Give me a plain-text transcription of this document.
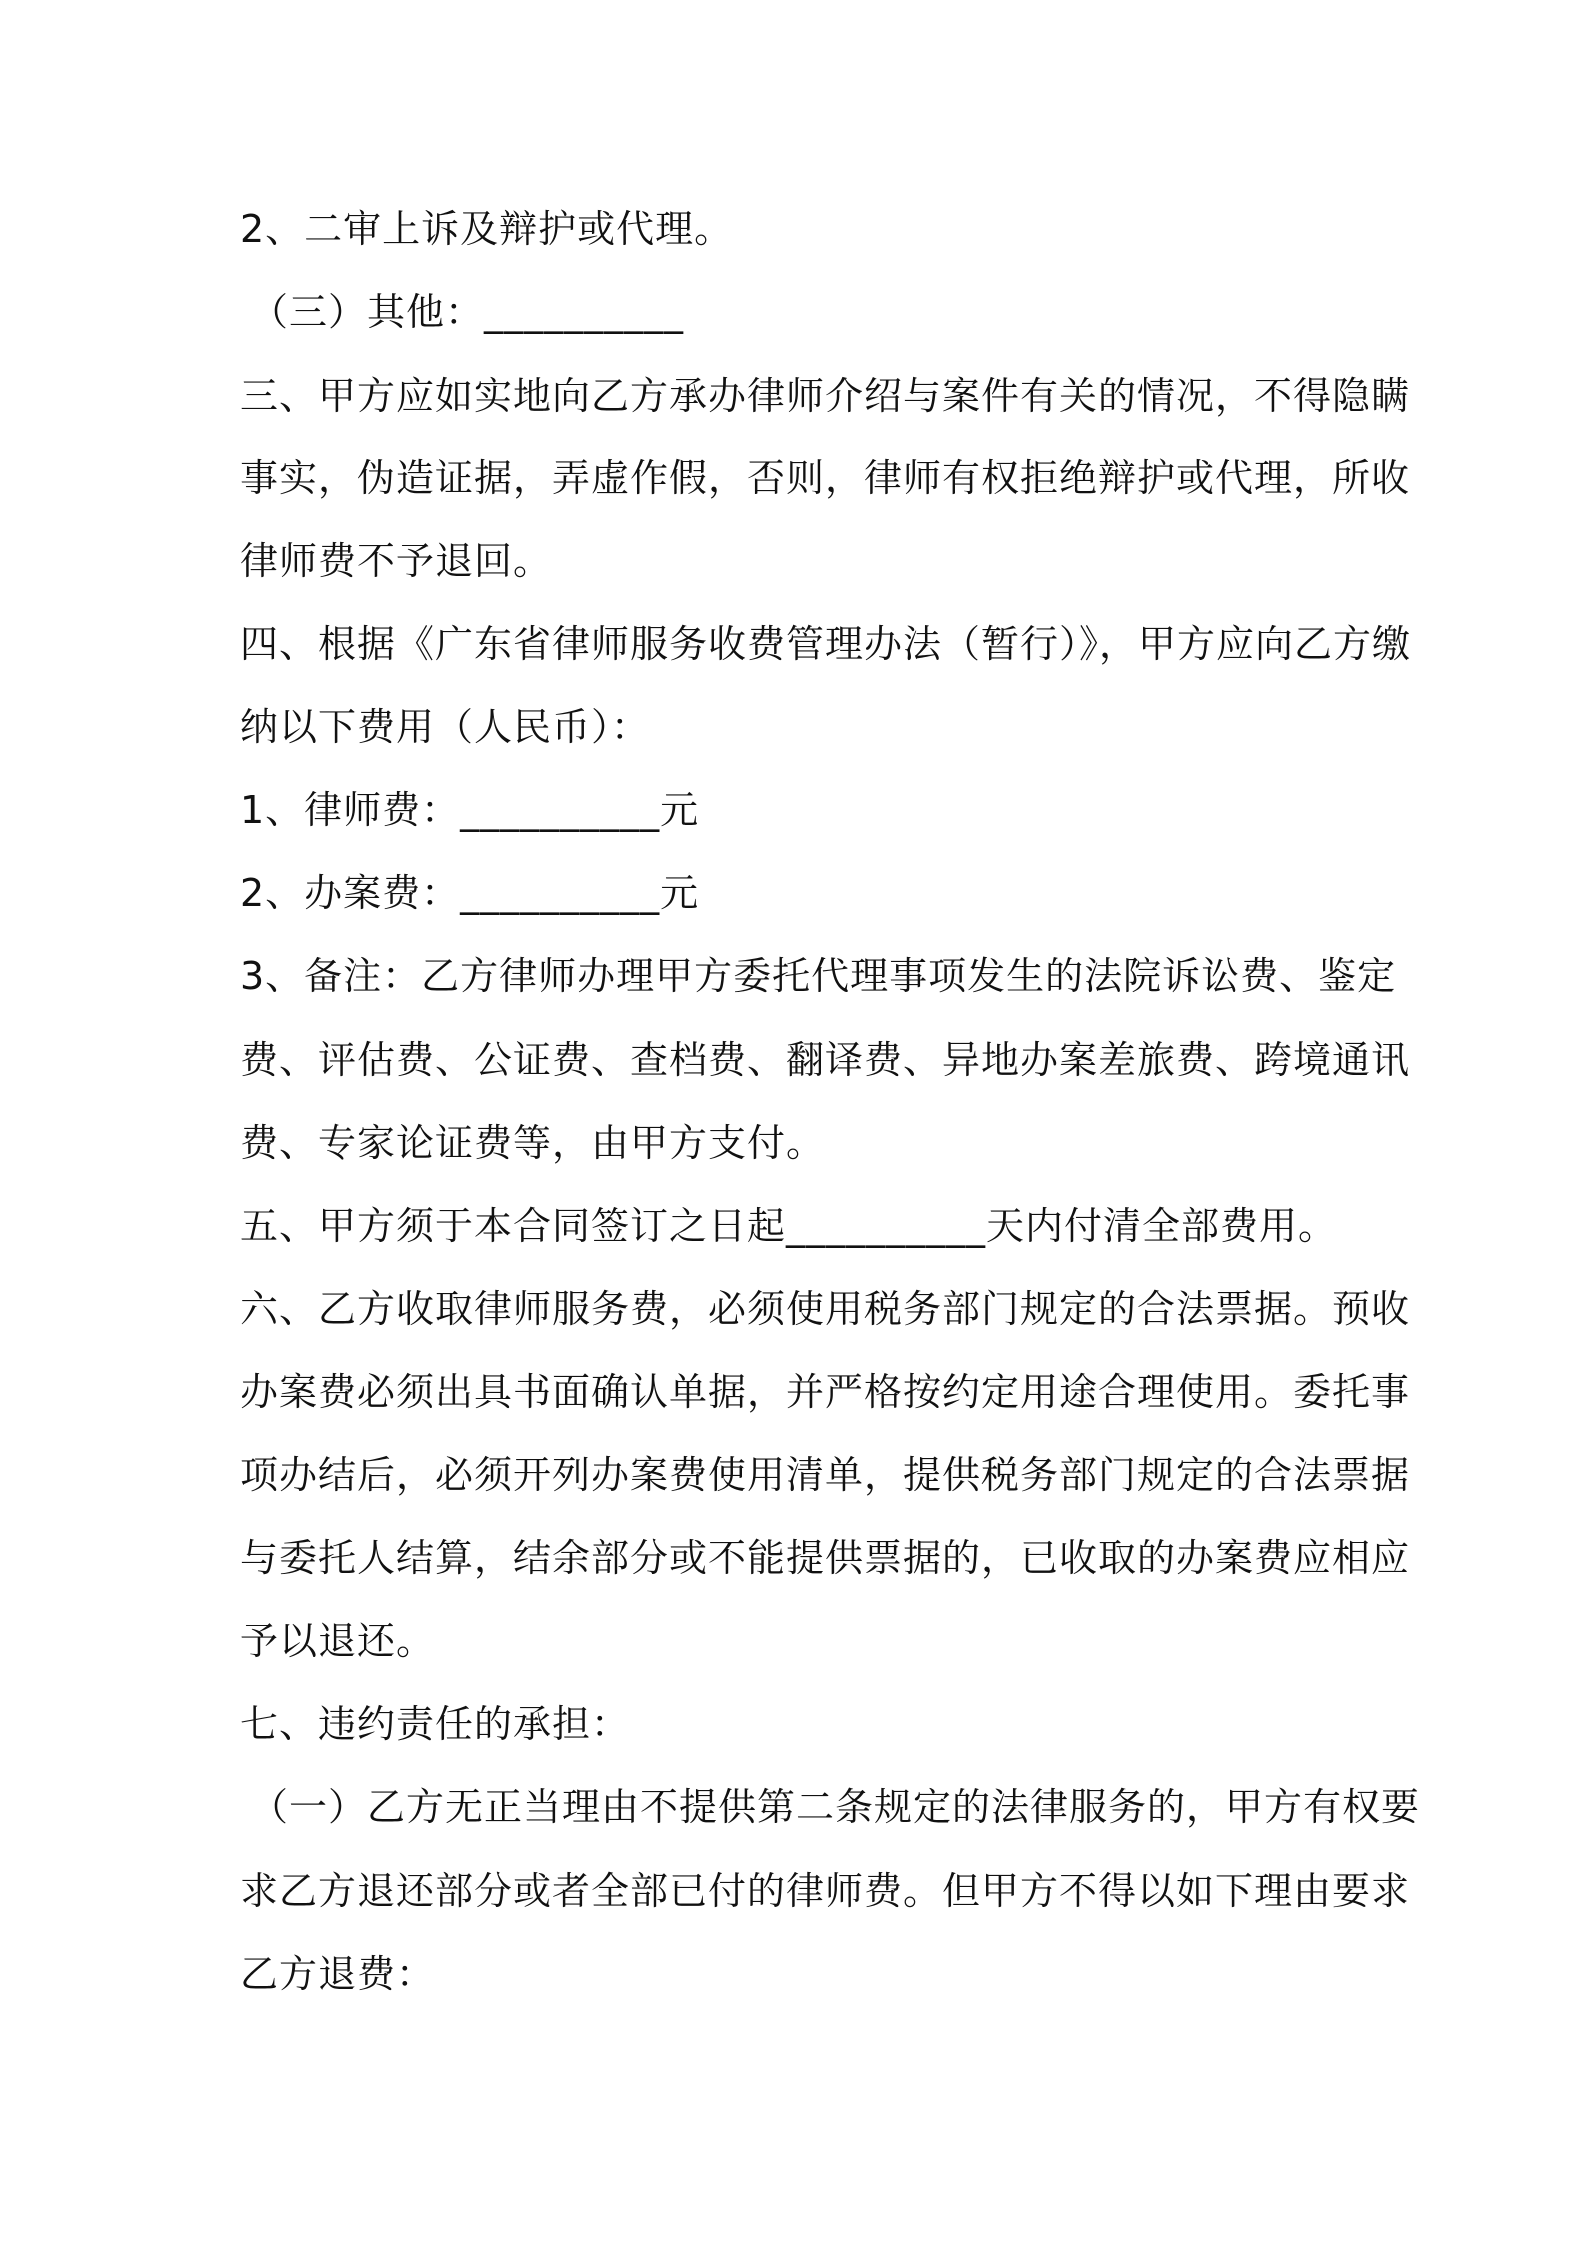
2、二审上诉及辩护或代理。
（三）其他：__________
三、甲方应如实地向乙方承办律师介绍与案件有关的情况，不得隐瞒
事实，伪造证据，弄虚作假，否则，律师有权拒绝辩护或代理，所收
律师费不予退回。
四、根据《广东省律师服务收费管理办法（暂行）》，甲方应向乙方缴
纳以下费用（人民币）：
1、律师费：__________元
2、办案费：__________元
3、备注：乙方律师办理甲方委托代理事项发生的法院诉讼费、鉴定
费、评估费、公证费、查档费、翻译费、异地办案差旅费、跨境通讯
费、专家论证费等，由甲方支付。
五、甲方须于本合同签订之日起__________天内付清全部费用。
六、乙方收取律师服务费，必须使用税务部门规定的合法票据。预收
办案费必须出具书面确认单据，并严格按约定用途合理使用。委托事
项办结后，必须开列办案费使用清单，提供税务部门规定的合法票据
与委托人结算，结余部分或不能提供票据的，已收取的办案费应相应
予以退还。
七、违约责任的承担：
（一）乙方无正当理由不提供第二条规定的法律服务的，甲方有权要
求乙方退还部分或者全部已付的律师费。但甲方不得以如下理由要求
乙方退费：
